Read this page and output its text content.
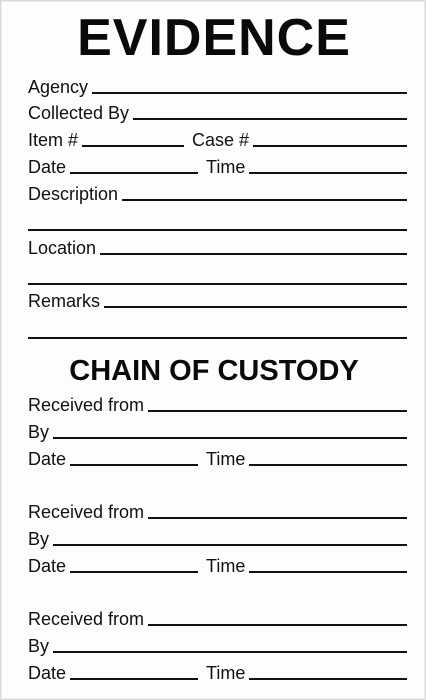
EVIDENCE
Agency
Collected By
Item #	Case #
Date	Time
Description
Location
Remarks
CHAIN OF CUSTODY
Received from
By
Date	Time
Received from
By
Date	Time
Received from
By
Date	Time
